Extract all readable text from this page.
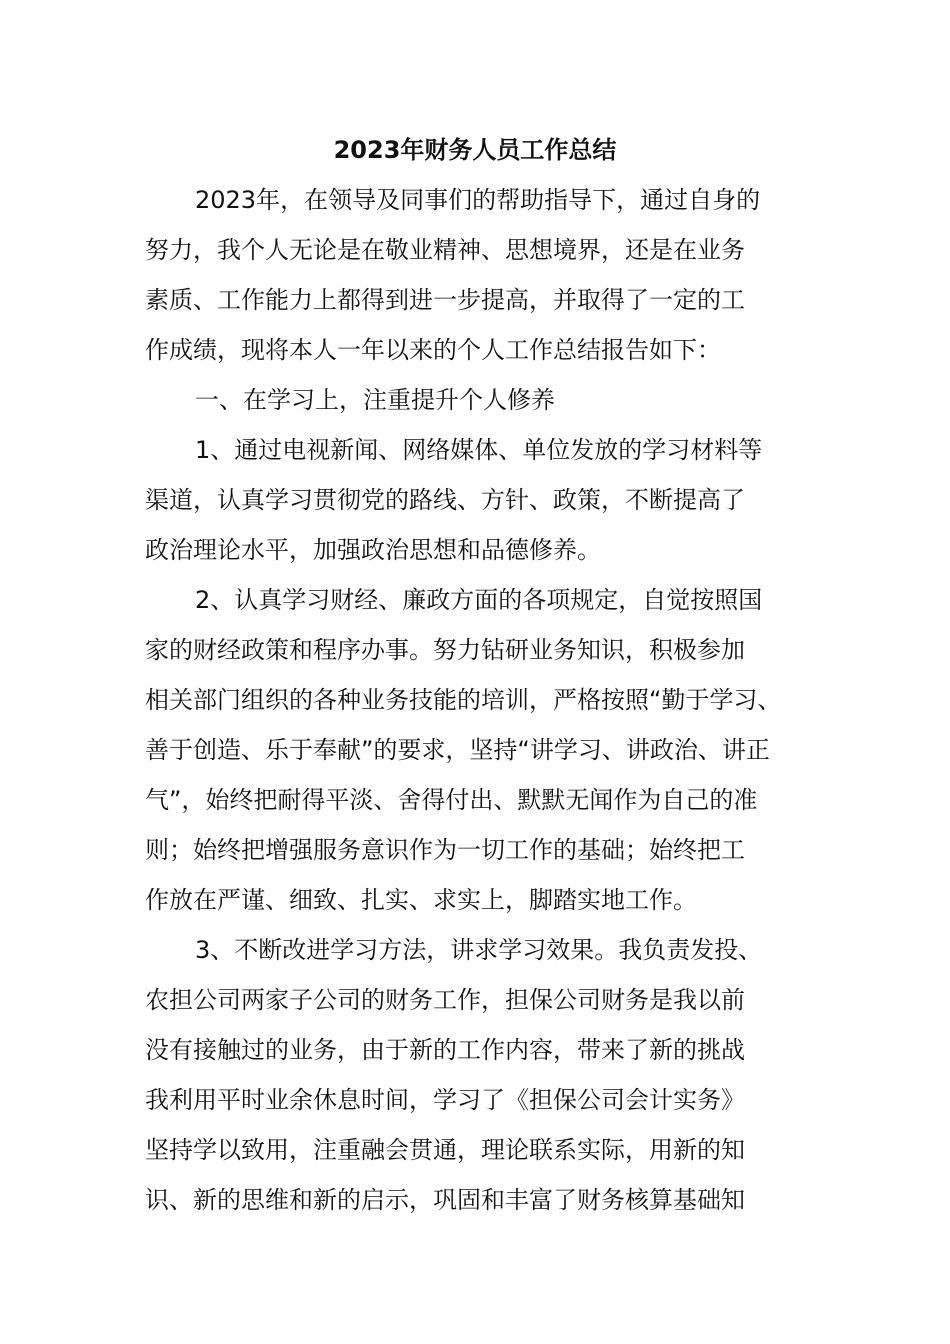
2023年财务人员工作总结
2023年，在领导及同事们的帮助指导下，通过自身的
努力，我个人无论是在敬业精神、思想境界，还是在业务
素质、工作能力上都得到进一步提高，并取得了一定的工
作成绩，现将本人一年以来的个人工作总结报告如下：
一、在学习上，注重提升个人修养
1、通过电视新闻、网络媒体、单位发放的学习材料等
渠道，认真学习贯彻党的路线、方针、政策，不断提高了
政治理论水平，加强政治思想和品德修养。
2、认真学习财经、廉政方面的各项规定，自觉按照国
家的财经政策和程序办事。努力钻研业务知识，积极参加
相关部门组织的各种业务技能的培训，严格按照“勤于学习、
善于创造、乐于奉献”的要求，坚持“讲学习、讲政治、讲正
气”，始终把耐得平淡、舍得付出、默默无闻作为自己的准
则；始终把增强服务意识作为一切工作的基础；始终把工
作放在严谨、细致、扎实、求实上，脚踏实地工作。
3、不断改进学习方法，讲求学习效果。我负责发投、
农担公司两家子公司的财务工作，担保公司财务是我以前
没有接触过的业务，由于新的工作内容，带来了新的挑战
我利用平时业余休息时间，学习了《担保公司会计实务》
坚持学以致用，注重融会贯通，理论联系实际，用新的知
识、新的思维和新的启示，巩固和丰富了财务核算基础知
